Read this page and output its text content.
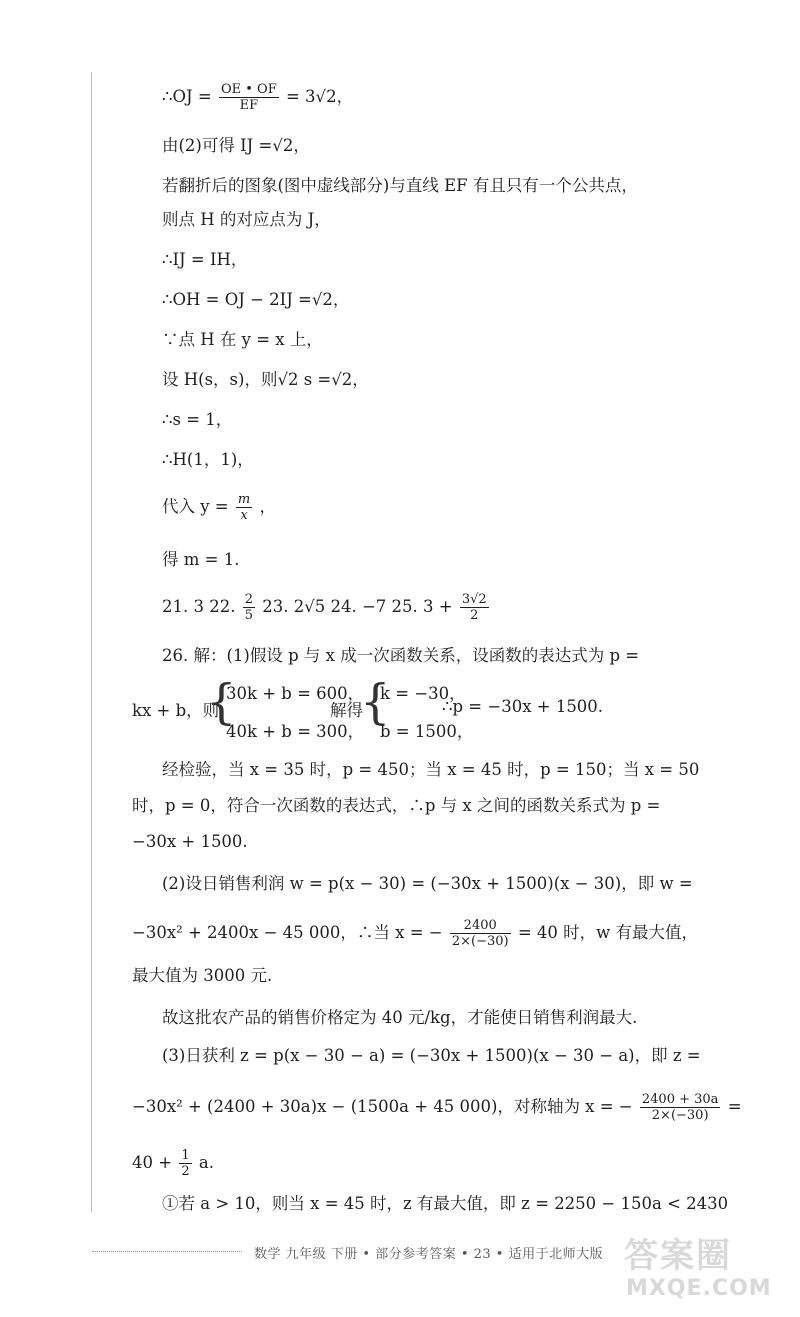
∴OJ = $\frac{OE • OF}{EF} = 3√2$，
由(2)可得 IJ =√2，
若翻折后的图象(图中虚线部分)与直线 EF 有且只有一个公共点，
则点 H 的对应点为 J，
∴IJ = IH，
∴OH = OJ − 2IJ =√2，
∵点 H 在 y = x 上，
设 H(s，s)，则√2 s =√2，
∴s = 1，
∴H(1，1)，
代入 $y = \frac{m}{x}$ ，
得 m = 1.
21. 3 22. $\frac{2}{5} 23$. 2√5 24. −7 25. $3 + \frac{3√2}{2}$
26. 解：(1)假设 p 与 x 成一次函数关系，设函数的表达式为 p =
kx + b，则
{
30k + b = 600，
40k + b = 300，
解得
{
k = −30，
b = 1500，
∴p = −30x + 1500.
经检验，当 x = 35 时，p = 450；当 x = 45 时，p = 150；当 x = 50
时，p = 0，符合一次函数的表达式，∴p 与 x 之间的函数关系式为 p =
−30x + 1500.
(2)设日销售利润 w = p(x − 30) = (−30x + 1500)(x − 30)，即 w =
−30x² + 2400x − 45 000，∴当 x = − $\frac{2400}{2\times(-30)} = 40$ 时，w 有最大值，
最大值为 3000 元.
故这批农产品的销售价格定为 40 元/kg，才能使日销售利润最大.
(3)日获利 z = p(x − 30 − a) = (−30x + 1500)(x − 30 − a)，即 z =
−30x² + (2400 + 30a)x − (1500a + 45 000)，对称轴为 x = − $\frac{2400 + 30a}{2\times(-30)}$ =
$40 + \frac{1}{2} a$.
①若 a > 10，则当 x = 45 时，z 有最大值，即 z = 2250 − 150a < 2430
数学 九年级 下册 • 部分参考答案 • 23 • 适用于北师大版 答案圈
MXQE.COM
